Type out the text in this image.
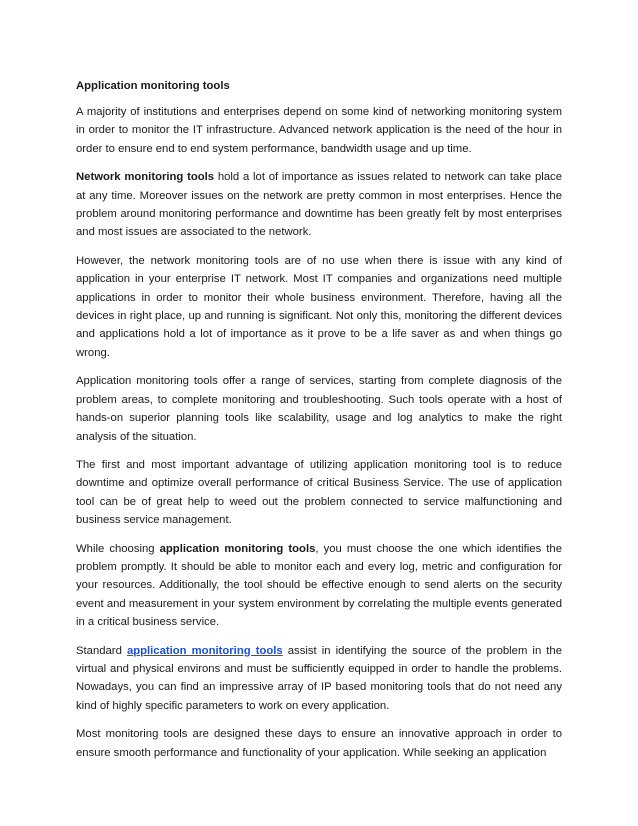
Application monitoring tools

A majority of institutions and enterprises depend on some kind of networking monitoring system in order to monitor the IT infrastructure. Advanced network application is the need of the hour in order to ensure end to end system performance, bandwidth usage and up time.

Network monitoring tools hold a lot of importance as issues related to network can take place at any time. Moreover issues on the network are pretty common in most enterprises. Hence the problem around monitoring performance and downtime has been greatly felt by most enterprises and most issues are associated to the network.

However, the network monitoring tools are of no use when there is issue with any kind of application in your enterprise IT network. Most IT companies and organizations need multiple applications in order to monitor their whole business environment. Therefore, having all the devices in right place, up and running is significant. Not only this, monitoring the different devices and applications hold a lot of importance as it prove to be a life saver as and when things go wrong.

Application monitoring tools offer a range of services, starting from complete diagnosis of the problem areas, to complete monitoring and troubleshooting. Such tools operate with a host of hands-on superior planning tools like scalability, usage and log analytics to make the right analysis of the situation.

The first and most important advantage of utilizing application monitoring tool is to reduce downtime and optimize overall performance of critical Business Service. The use of application tool can be of great help to weed out the problem connected to service malfunctioning and business service management.

While choosing application monitoring tools, you must choose the one which identifies the problem promptly. It should be able to monitor each and every log, metric and configuration for your resources. Additionally, the tool should be effective enough to send alerts on the security event and measurement in your system environment by correlating the multiple events generated in a critical business service.

Standard application monitoring tools assist in identifying the source of the problem in the virtual and physical environs and must be sufficiently equipped in order to handle the problems. Nowadays, you can find an impressive array of IP based monitoring tools that do not need any kind of highly specific parameters to work on every application.

Most monitoring tools are designed these days to ensure an innovative approach in order to ensure smooth performance and functionality of your application. While seeking an application
